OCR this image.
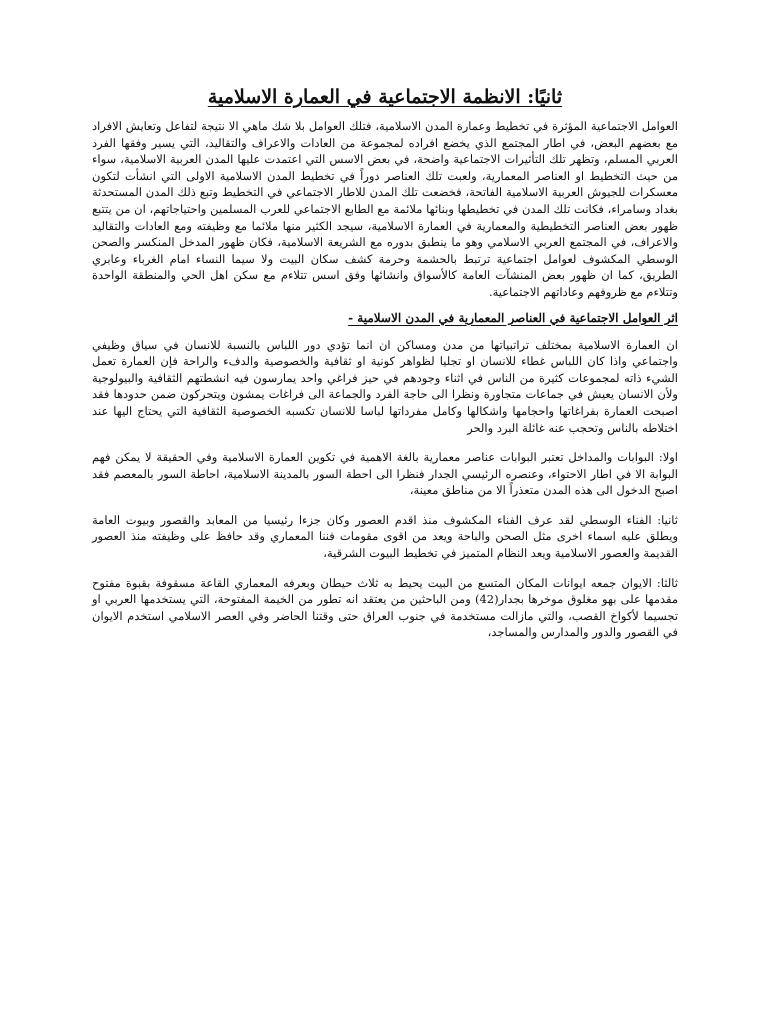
ثانيًا: الانظمة الاجتماعية في العمارة الاسلامية

العوامل الاجتماعية المؤثرة في تخطيط وعمارة المدن الاسلامية، فتلك العوامل بلا شك ماهي الا نتيجة لتفاعل وتعايش الافراد مع بعضهم البعض، في اطار المجتمع الذي يخضع افراده لمجموعة من العادات والاعراف والتقاليد، التي يسير وفقها الفرد العربي المسلم، وتظهر تلك التأثيرات الاجتماعية واضحة، في بعض الاسس التي اعتمدت عليها المدن العربية الاسلامية، سواء من حيث التخطيط او العناصر المعمارية، ولعبت تلك العناصر دوراً في تخطيط المدن الاسلامية الاولى التي انشأت لتكون معسكرات للجيوش العربية الاسلامية الفاتحة، فخضعت تلك المدن للاطار الاجتماعي في التخطيط وتبع ذلك المدن المستحدثة بغداد وسامراء، فكانت تلك المدن في تخطيطها وبنائها ملائمة مع الطابع الاجتماعي للعرب المسلمين واحتياجاتهم، ان من يتتبع ظهور بعض العناصر التخطيطية والمعمارية في العمارة الاسلامية، سيجد الكثير منها ملائما مع وظيفته ومع العادات والتقاليد والاعراف، في المجتمع العربي الاسلامي وهو ما ينطبق بدوره مع الشريعة الاسلامية، فكان ظهور المدخل المنكسر والصحن الوسطي المكشوف لعوامل اجتماعية ترتبط بالحشمة وحرمة كشف سكان البيت ولا سيما النساء امام الغرباء وعابري الطريق، كما ان ظهور بعض المنشآت العامة كالأسواق وانشائها وفق اسس تتلاءم مع سكن اهل الحي والمنطقة الواحدة وتتلاءم مع ظروفهم وعاداتهم الاجتماعية.

اثر العوامل الاجتماعية في العناصر المعمارية في المدن الاسلامية -

ان العمارة الاسلامية بمختلف تراتبياتها من مدن ومساكن ان انما تؤدي دور اللباس بالنسبة للانسان في سياق وظيفي واجتماعي واذا كان اللباس غطاء للانسان او تجليا لظواهر كونية او ثقافية والخصوصية والدفء والراحة فإن العمارة تعمل الشيء ذاته لمجموعات كثيرة من الناس في اثناء وجودهم في حيز فراغي واحد يمارسون فيه انشطتهم الثقافية والبيولوجية ولأن الانسان يعيش في جماعات متجاورة ونظرا الى حاجة الفرد والجماعة الى فراغات يمشون ويتحركون ضمن حدودها فقد اصبحت العمارة بفراغاتها واحجامها واشكالها وكامل مفرداتها لباسا للانسان تكسبه الخصوصية الثقافية التي يحتاج اليها عند اختلاطه بالناس وتحجب عنه غائلة البرد والحر

اولا: البوابات والمداخل تعتبر البوابات عناصر معمارية بالغة الاهمية في تكوين العمارة الاسلامية وفي الحقيقة لا يمكن فهم البوابة الا في اطار الاحتواء، وعنصره الرئيسي الجدار فنظرا الى احطة السور بالمدينة الاسلامية، احاطة السور بالمعصم فقد اصبح الدخول الى هذه المدن متعذراً الا من مناطق معينة،

ثانيا: الفناء الوسطي لقد عرف الفناء المكشوف منذ اقدم العصور وكان جزءا رئيسيا من المعابد والقصور وبيوت العامة ويطلق عليه اسماء اخرى مثل الصحن والباحة ويعد من اقوى مقومات فننا المعماري وقد حافظ على وظيفته منذ العصور القديمة والعصور الاسلامية ويعد النظام المتميز في تخطيط البيوت الشرقية،

ثالثا: الايوان جمعه ايوانات المكان المتسع من البيت يحيط به ثلاث حيطان وبعرفه المعماري القاعة مسقوفة بقبوة مفتوح مقدمها على بهو مغلوق موخرها بجدار(42) ومن الباحثين من يعتقد انه تطور من الخيمة المفتوحة، التي يستخدمها العربي او تجسيما لأكواخ القصب، والتي مازالت مستخدمة في جنوب العراق حتى وقتنا الحاضر وفي العصر الاسلامي استخدم الايوان في القصور والدور والمدارس والمساجد،
